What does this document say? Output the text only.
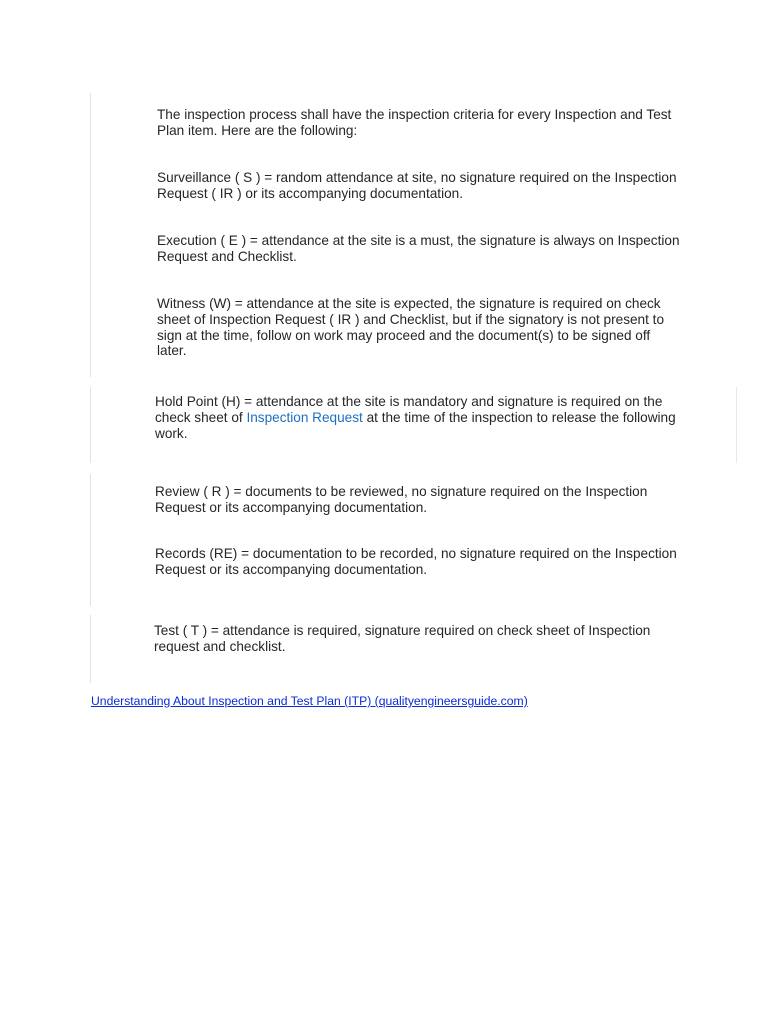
The inspection process shall have the inspection criteria for every Inspection and Test
Plan item. Here are the following:

Surveillance ( S ) = random attendance at site, no signature required on the Inspection
Request ( IR ) or its accompanying documentation.

Execution ( E ) = attendance at the site is a must, the signature is always on Inspection
Request and Checklist.

Witness (W) = attendance at the site is expected, the signature is required on check
sheet of Inspection Request ( IR ) and Checklist, but if the signatory is not present to
sign at the time, follow on work may proceed and the document(s) to be signed off
later.

Hold Point (H) = attendance at the site is mandatory and signature is required on the
check sheet of Inspection Request at the time of the inspection to release the following
work.

Review ( R ) = documents to be reviewed, no signature required on the Inspection
Request or its accompanying documentation.

Records (RE) = documentation to be recorded, no signature required on the Inspection
Request or its accompanying documentation.

Test ( T ) = attendance is required, signature required on check sheet of Inspection
request and checklist.

Understanding About Inspection and Test Plan (ITP) (qualityengineersguide.com)
